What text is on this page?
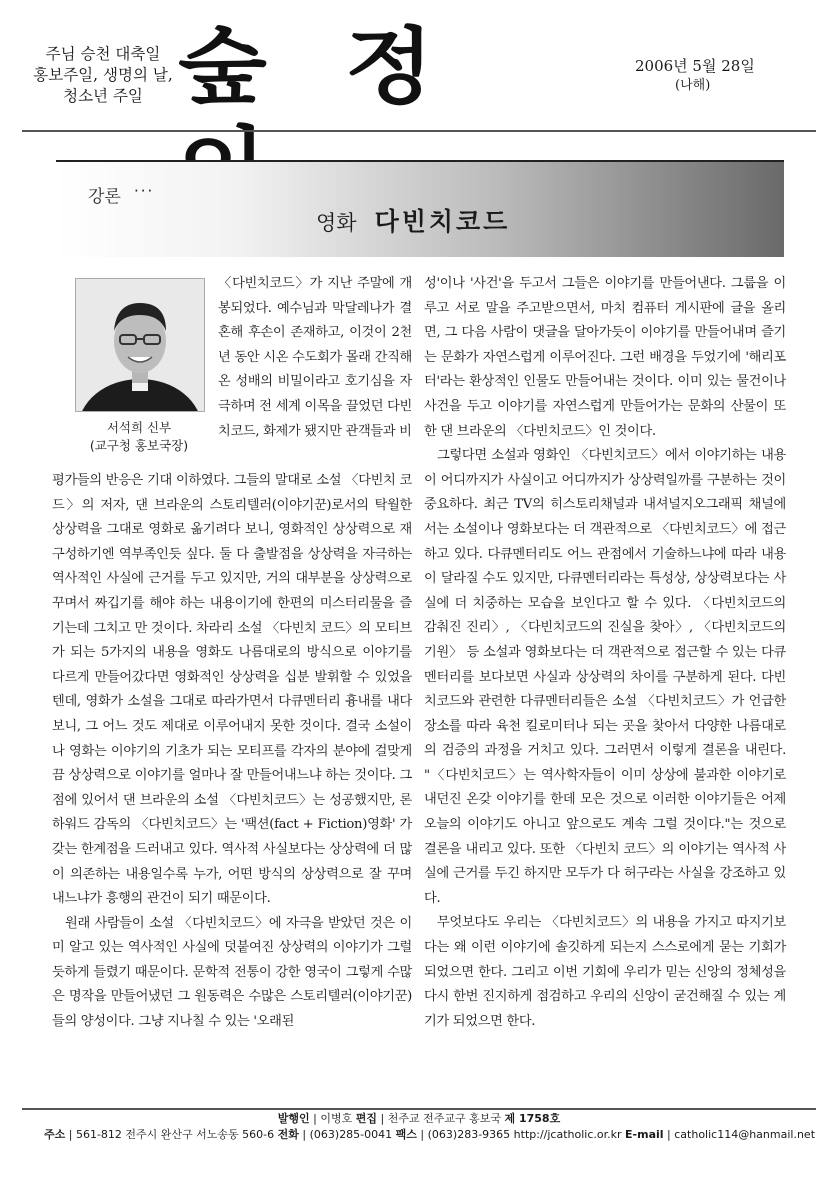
주님 승천 대축일
홍보주일, 생명의 날,
청소년 주일 숲정	2006년 5월 28일
(나해)
강론 ···
영화 다빈치코드
서석희 신부
(교구청 홍보국장)

〈다빈치코드〉가 지난 주말에 개봉되었다. 예수님과 막달레나가 결혼해 후손이 존재하고, 이것이 2천년 동안 시온 수도회가 몰래 간직해온 성배의 비밀이라고 호기심을 자극하며 전 세계 이목을 끌었던 다빈치코드, 화제가 됐지만 관객들과 비

평가들의 반응은 기대 이하였다. 그들의 말대로 소설 〈다빈치 코드〉의 저자, 댄 브라운의 스토리텔러(이야기꾼)로서의 탁월한 상상력을 그대로 영화로 옮기려다 보니, 영화적인 상상력으로 재구성하기엔 역부족인듯 싶다. 둘 다 출발점을 상상력을 자극하는 역사적인 사실에 근거를 두고 있지만, 거의 대부분을 상상력으로 꾸며서 짜깁기를 해야 하는 내용이기에 한편의 미스터리물을 즐기는데 그치고 만 것이다. 차라리 소설 〈다빈치 코드〉의 모티브가 되는 5가지의 내용을 영화도 나름대로의 방식으로 이야기를 다르게 만들어갔다면 영화적인 상상력을 십분 발휘할 수 있었을 텐데, 영화가 소설을 그대로 따라가면서 다큐멘터리 흉내를 내다보니, 그 어느 것도 제대로 이루어내지 못한 것이다. 결국 소설이나 영화는 이야기의 기초가 되는 모티프를 각자의 분야에 걸맞게끔 상상력으로 이야기를 얼마나 잘 만들어내느냐 하는 것이다. 그 점에 있어서 댄 브라운의 소설 〈다빈치코드〉는 성공했지만, 론 하워드 감독의 〈다빈치코드〉는 '팩션(fact + Fiction)영화' 가 갖는 한계점을 드러내고 있다. 역사적 사실보다는 상상력에 더 많이 의존하는 내용일수록 누가, 어떤 방식의 상상력으로 잘 꾸며 내느냐가 흥행의 관건이 되기 때문이다.

원래 사람들이 소설 〈다빈치코드〉에 자극을 받았던 것은 이미 알고 있는 역사적인 사실에 덧붙여진 상상력의 이야기가 그럴듯하게 들렸기 때문이다. 문학적 전통이 강한 영국이 그렇게 수많은 명작을 만들어냈던 그 원동력은 수많은 스토리텔러(이야기꾼)들의 양성이다. 그냥 지나칠 수 있는 '오래된

성'이나 '사건'을 두고서 그들은 이야기를 만들어낸다. 그룹을 이루고 서로 말을 주고받으면서, 마치 컴퓨터 게시판에 글을 올리면, 그 다음 사람이 댓글을 달아가듯이 이야기를 만들어내며 즐기는 문화가 자연스럽게 이루어진다. 그런 배경을 두었기에 '해리포터'라는 환상적인 인물도 만들어내는 것이다. 이미 있는 물건이나 사건을 두고 이야기를 자연스럽게 만들어가는 문화의 산물이 또한 댄 브라운의 〈다빈치코드〉인 것이다.

그렇다면 소설과 영화인 〈다빈치코드〉에서 이야기하는 내용이 어디까지가 사실이고 어디까지가 상상력일까를 구분하는 것이 중요하다. 최근 TV의 히스토리채널과 내셔널지오그래픽 채널에서는 소설이나 영화보다는 더 객관적으로 〈다빈치코드〉에 접근하고 있다. 다큐멘터리도 어느 관점에서 기술하느냐에 따라 내용이 달라질 수도 있지만, 다큐멘터리라는 특성상, 상상력보다는 사실에 더 치중하는 모습을 보인다고 할 수 있다. 〈다빈치코드의 감춰진 진리〉, 〈다빈치코드의 진실을 찾아〉, 〈다빈치코드의 기원〉 등 소설과 영화보다는 더 객관적으로 접근할 수 있는 다큐멘터리를 보다보면 사실과 상상력의 차이를 구분하게 된다. 다빈치코드와 관련한 다큐멘터리들은 소설 〈다빈치코드〉가 언급한 장소를 따라 육천 킬로미터나 되는 곳을 찾아서 다양한 나름대로의 검증의 과정을 거치고 있다. 그러면서 이렇게 결론을 내린다. "〈다빈치코드〉는 역사학자들이 이미 상상에 불과한 이야기로 내던진 온갖 이야기를 한데 모은 것으로 이러한 이야기들은 어제 오늘의 이야기도 아니고 앞으로도 계속 그럴 것이다."는 것으로 결론을 내리고 있다. 또한 〈다빈치 코드〉의 이야기는 역사적 사실에 근거를 두긴 하지만 모두가 다 허구라는 사실을 강조하고 있다.

무엇보다도 우리는 〈다빈치코드〉의 내용을 가지고 따지기보다는 왜 이런 이야기에 솔깃하게 되는지 스스로에게 묻는 기회가 되었으면 한다. 그리고 이번 기회에 우리가 믿는 신앙의 정체성을 다시 한번 진지하게 점검하고 우리의 신앙이 굳건해질 수 있는 계기가 되었으면 한다.

발행인 | 이병호 편집 | 천주교 전주교구 홍보국 제 1758호
주소 | 561-812 전주시 완산구 서노송동 560-6 전화 | (063)285-0041 팩스 | (063)283-9365 http://jcatholic.or.kr E-mail | catholic114@hanmail.net
